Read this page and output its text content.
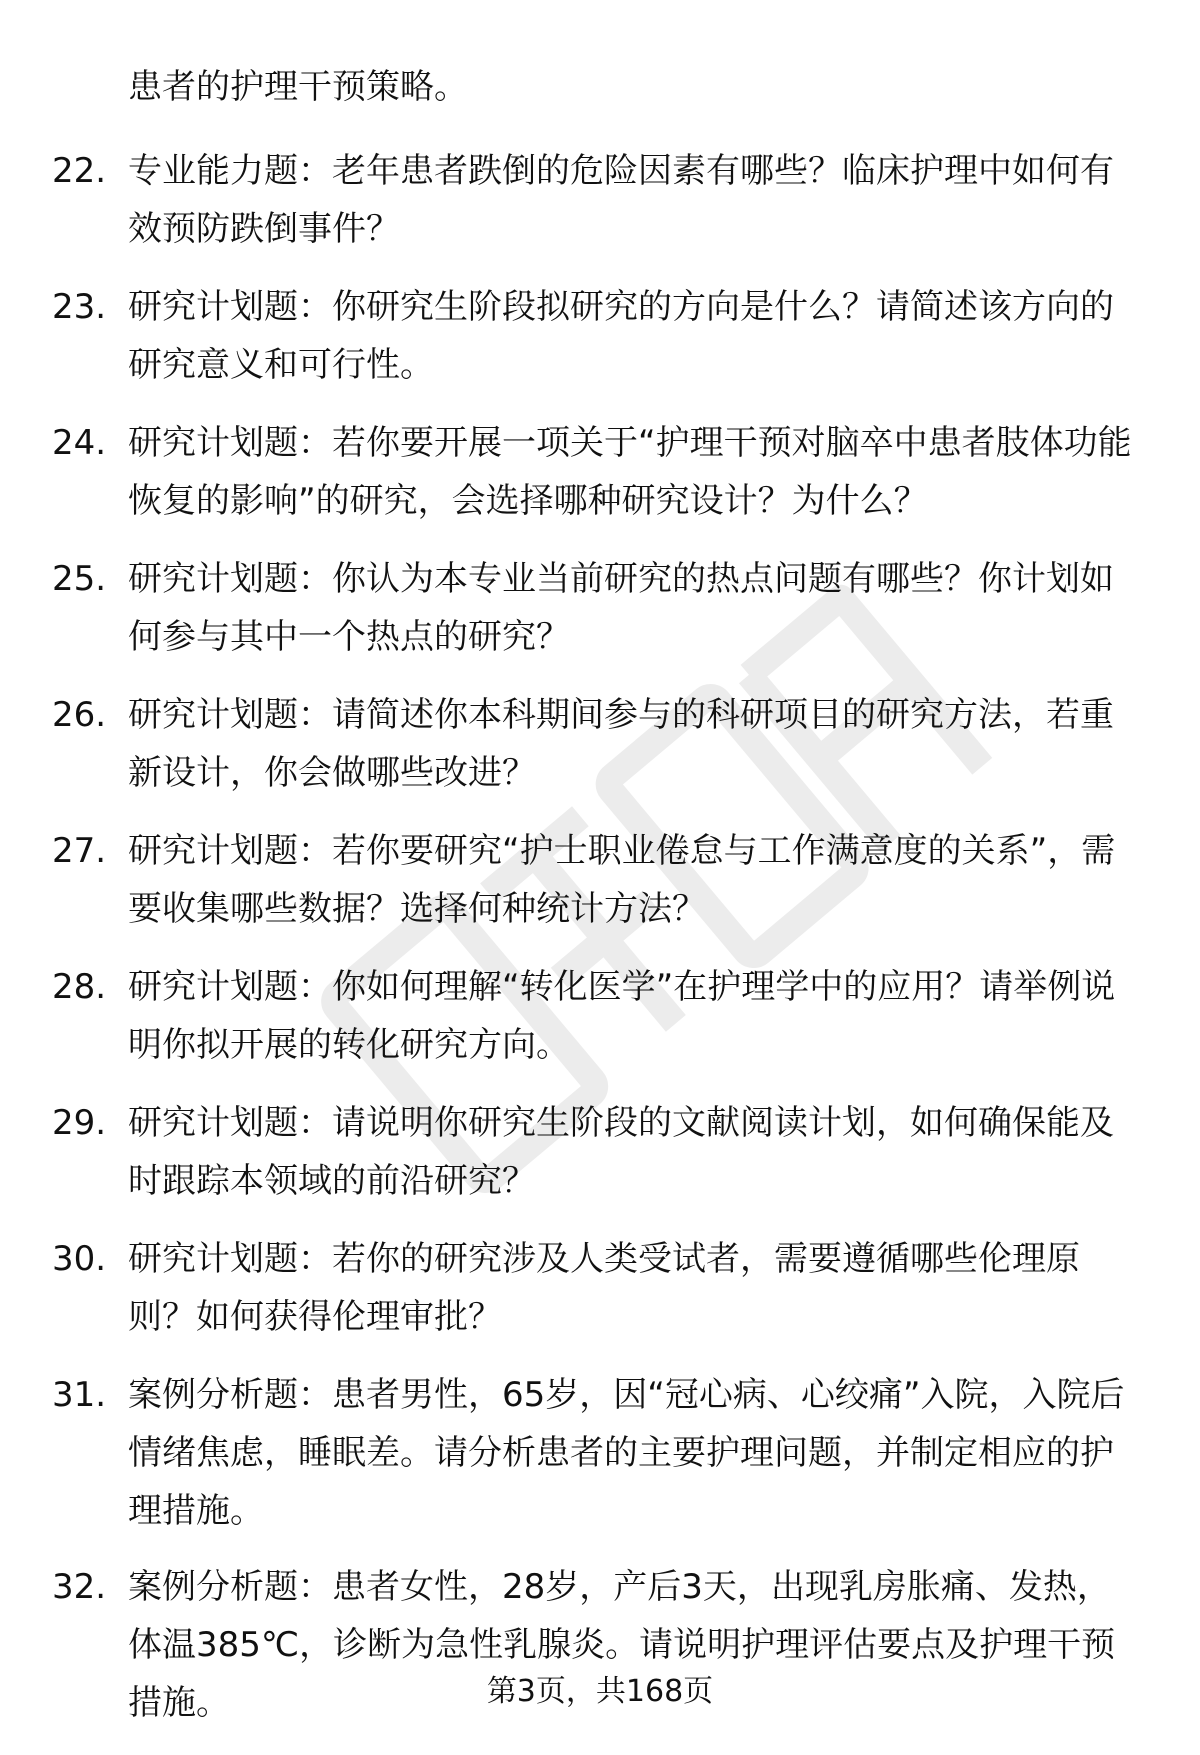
患者的护理干预策略。
22. 专业能力题：老年患者跌倒的危险因素有哪些？临床护理中如何有效预防跌倒事件？
23. 研究计划题：你研究生阶段拟研究的方向是什么？请简述该方向的研究意义和可行性。
24. 研究计划题：若你要开展一项关于“护理干预对脑卒中患者肢体功能恢复的影响”的研究，会选择哪种研究设计？为什么？
25. 研究计划题：你认为本专业当前研究的热点问题有哪些？你计划如何参与其中一个热点的研究？
26. 研究计划题：请简述你本科期间参与的科研项目的研究方法，若重新设计，你会做哪些改进？
27. 研究计划题：若你要研究“护士职业倦怠与工作满意度的关系”，需要收集哪些数据？选择何种统计方法？
28. 研究计划题：你如何理解“转化医学”在护理学中的应用？请举例说明你拟开展的转化研究方向。
29. 研究计划题：请说明你研究生阶段的文献阅读计划，如何确保能及时跟踪本领域的前沿研究？
30. 研究计划题：若你的研究涉及人类受试者，需要遵循哪些伦理原则？如何获得伦理审批？
31. 案例分析题：患者男性，65岁，因“冠心病、心绞痛”入院，入院后情绪焦虑，睡眠差。请分析患者的主要护理问题，并制定相应的护理措施。
32. 案例分析题：患者女性，28岁，产后3天，出现乳房胀痛、发热，体温385℃，诊断为急性乳腺炎。请说明护理评估要点及护理干预措施。	第3页，共168页
